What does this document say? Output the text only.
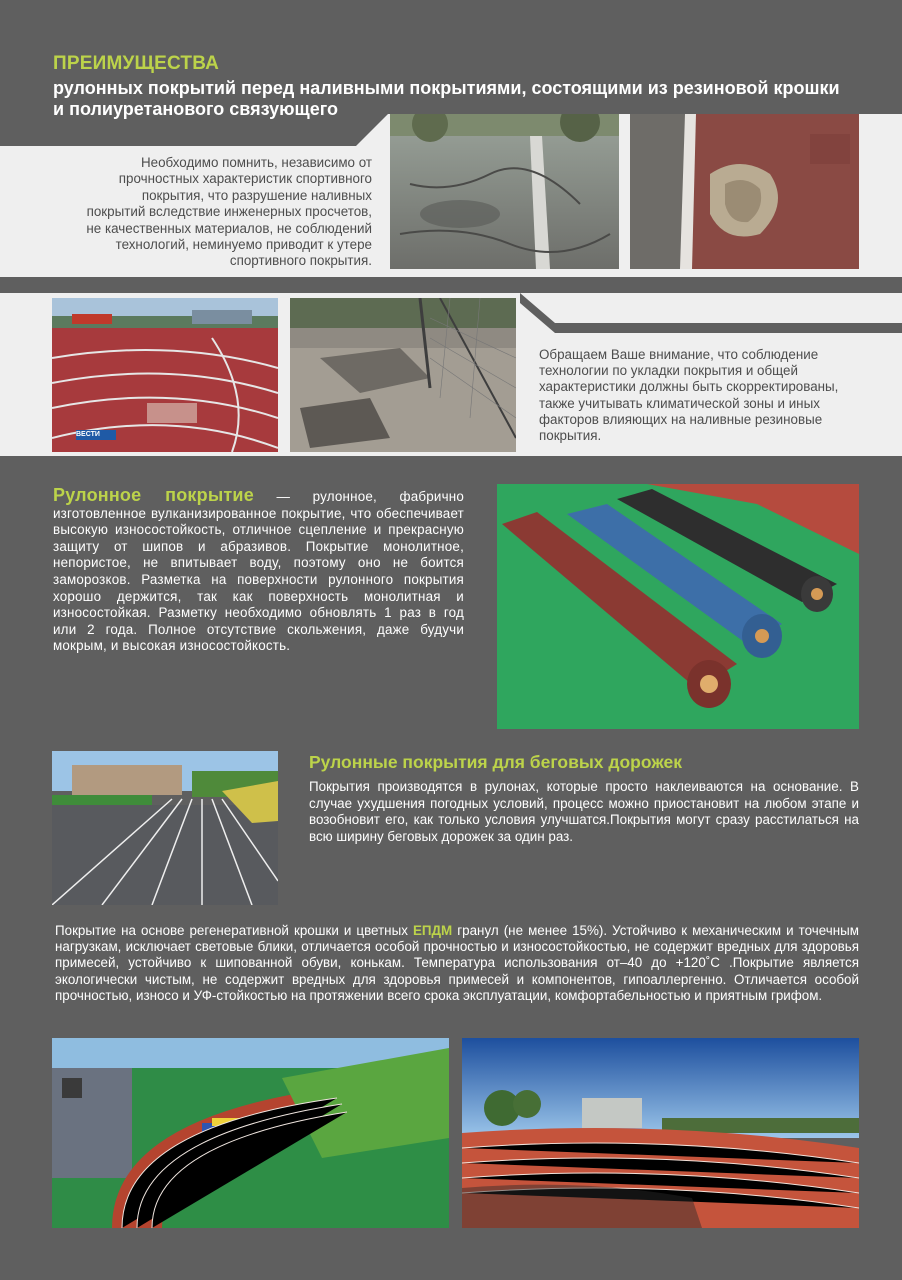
ПРЕИМУЩЕСТВА
рулонных покрытий перед наливными покрытиями, состоящими из резиновой крошки
и полиуретанового связующего

Необходимо помнить, независимо от прочностных характеристик спортивного покрытия, что разрушение наливных покрытий вследствие инженерных просчетов, не качественных материалов, не соблюдений технологий, неминуемо приводит к утере спортивного покрытия.

ВЕСТИ

Обращаем Ваше внимание, что соблюдение технологии по укладки покрытия и общей характеристики должны быть скорректированы, также учитывать климатической зоны и иных факторов влияющих на наливные резиновые покрытия.

Рулонное покрытие — рулонное, фабрично изготовленное вулканизированное покрытие, что обеспечивает высокую износостойкость, отличное сцепление и прекрасную защиту от шипов и абразивов. Покрытие монолитное, непористое, не впитывает воду, поэтому оно не боится заморозков. Разметка на поверхности рулонного покрытия хорошо держится, так как поверхность монолитная и износостойкая. Разметку необходимо обновлять 1 раз в год или 2 года. Полное отсутствие скольжения, даже будучи мокрым, и высокая износостойкость.

Рулонные покрытия для беговых дорожек

Покрытия производятся в рулонах, которые просто наклеиваются на основание. В случае ухудшения погодных условий, процесс можно приостановит на любом этапе и возобновит его, как только условия улучшатся.Покрытия могут сразу расстилаться на всю ширину беговых дорожек за один раз.

Покрытие на основе регенеративной крошки и цветных ЕПДМ гранул (не менее 15%). Устойчиво к механическим и точечным нагрузкам, исключает световые блики, отличается особой прочностью и износостойкостью, не содержит вредных для здоровья примесей, устойчиво к шипованной обуви, конькам. Температура использования от–40 до +120˚С .Покрытие является экологически чистым, не содержит вредных для здоровья примесей и компонентов, гипоаллергенно. Отличается особой прочностью, износо и УФ-стойкостью на протяжении всего срока эксплуатации, комфортабельностью и приятным грифом.
